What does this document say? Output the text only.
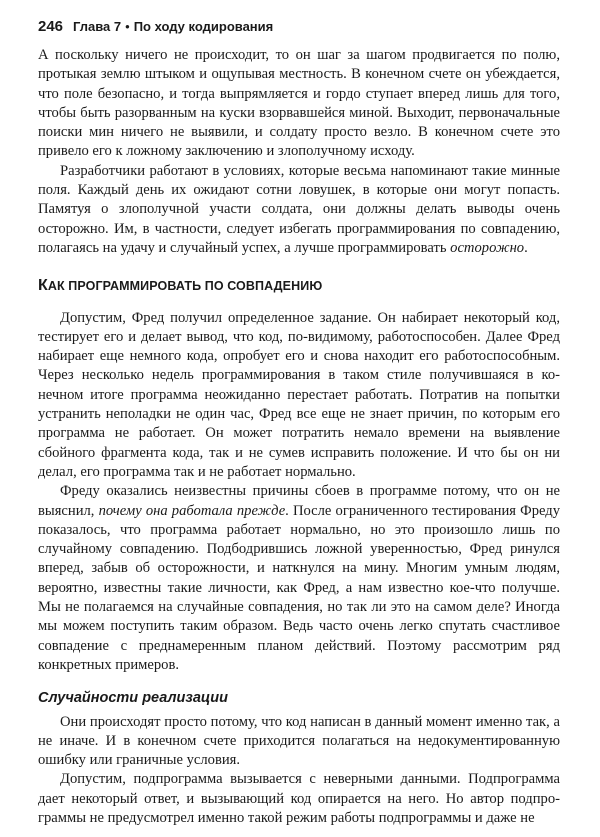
246 Глава 7 • По ходу кодирования

А поскольку ничего не происходит, то он шаг за шагом продвигается по полю, протыкая землю штыком и ощупывая местность. В конечном счете он убеждается, что поле безопасно, и тогда выпрямляется и гордо ступает вперед лишь для того, чтобы быть разорванным на куски взорвавшейся миной. Выходит, первоначальные поиски мин ничего не выявили, и солдату просто везло. В конечном счете это привело его к ложному заключению и злополучному исходу.

Разработчики работают в условиях, которые весьма напоминают такие минные поля. Каждый день их ожидают сотни ловушек, в которые они могут попасть. Памятуя о злополучной участи солдата, они должны делать выводы очень осторожно. Им, в частности, следует избегать программирования по совпадению, полагаясь на удачу и случайный успех, а лучше программировать осторожно.

КАК ПРОГРАММИРОВАТЬ ПО СОВПАДЕНИЮ

Допустим, Фред получил определенное задание. Он набирает некоторый код, тестирует его и делает вывод, что код, по-видимому, работоспособен. Далее Фред набирает еще немного кода, опробует его и снова находит его работоспособным. Через несколько недель программирования в таком стиле получившаяся в конечном итоге программа неожиданно перестает работать. Потратив на попытки устранить неполадки не один час, Фред все еще не знает причин, по которым его программа не работает. Он может потратить немало времени на выявление сбойного фрагмента кода, так и не сумев исправить положение. И что бы он ни делал, его программа так и не работает нормально.

Фреду оказались неизвестны причины сбоев в программе потому, что он не выяснил, почему она работала прежде. После ограниченного тестирования Фреду показалось, что программа работает нормально, но это произошло лишь по случайному совпадению. Подбодрившись ложной уверенностью, Фред ринулся вперед, забыв об осторожности, и наткнулся на мину. Многим умным людям, вероятно, известны такие личности, как Фред, а нам известно кое-что получше. Мы не полагаемся на случайные совпадения, но так ли это на самом деле? Иногда мы можем поступить таким образом. Ведь часто очень легко спутать счастливое совпадение с преднамеренным планом действий. Поэтому рассмотрим ряд конкретных примеров.

Случайности реализации

Они происходят просто потому, что код написан в данный момент именно так, а не иначе. И в конечном счете приходится полагаться на недокументированную ошибку или граничные условия.

Допустим, подпрограмма вызывается с неверными данными. Подпрограмма дает некоторый ответ, и вызывающий код опирается на него. Но автор подпрограммы не предусмотрел именно такой режим работы подпрограммы и даже не
